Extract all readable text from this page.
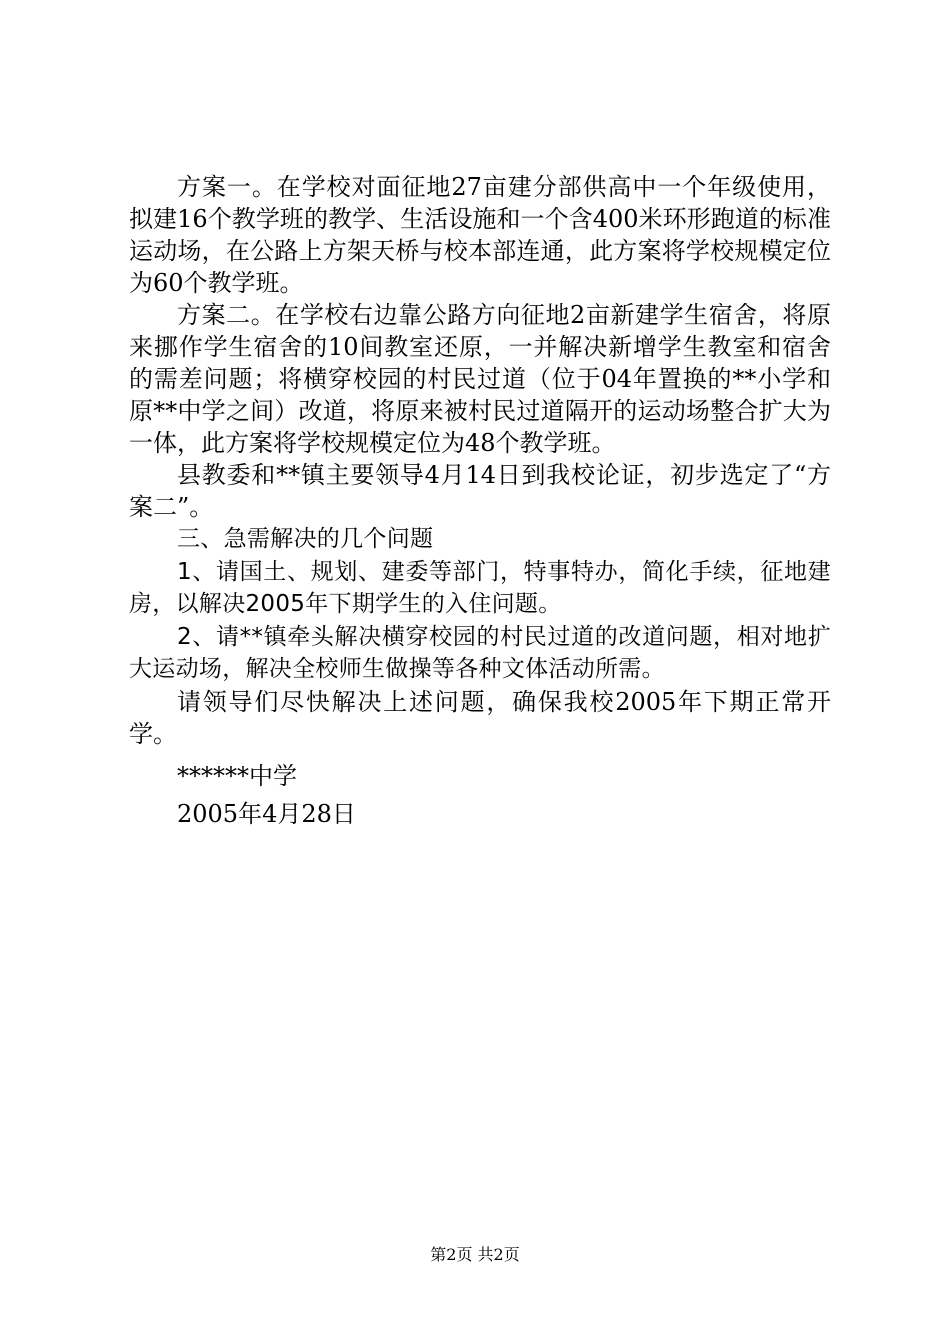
方案一。在学校对面征地27亩建分部供高中一个年级使用，拟建16个教学班的教学、生活设施和一个含400米环形跑道的标准运动场，在公路上方架天桥与校本部连通，此方案将学校规模定位为60个教学班。

方案二。在学校右边靠公路方向征地2亩新建学生宿舍，将原来挪作学生宿舍的10间教室还原，一并解决新增学生教室和宿舍的需差问题；将横穿校园的村民过道（位于04年置换的**小学和原**中学之间）改道，将原来被村民过道隔开的运动场整合扩大为一体，此方案将学校规模定位为48个教学班。

县教委和**镇主要领导4月14日到我校论证，初步选定了“方案二”。

三、急需解决的几个问题

1、请国土、规划、建委等部门，特事特办，简化手续，征地建房，以解决2005年下期学生的入住问题。

2、请**镇牵头解决横穿校园的村民过道的改道问题，相对地扩大运动场，解决全校师生做操等各种文体活动所需。

请领导们尽快解决上述问题，确保我校2005年下期正常开学。

******中学

2005年4月28日

第2页 共2页
